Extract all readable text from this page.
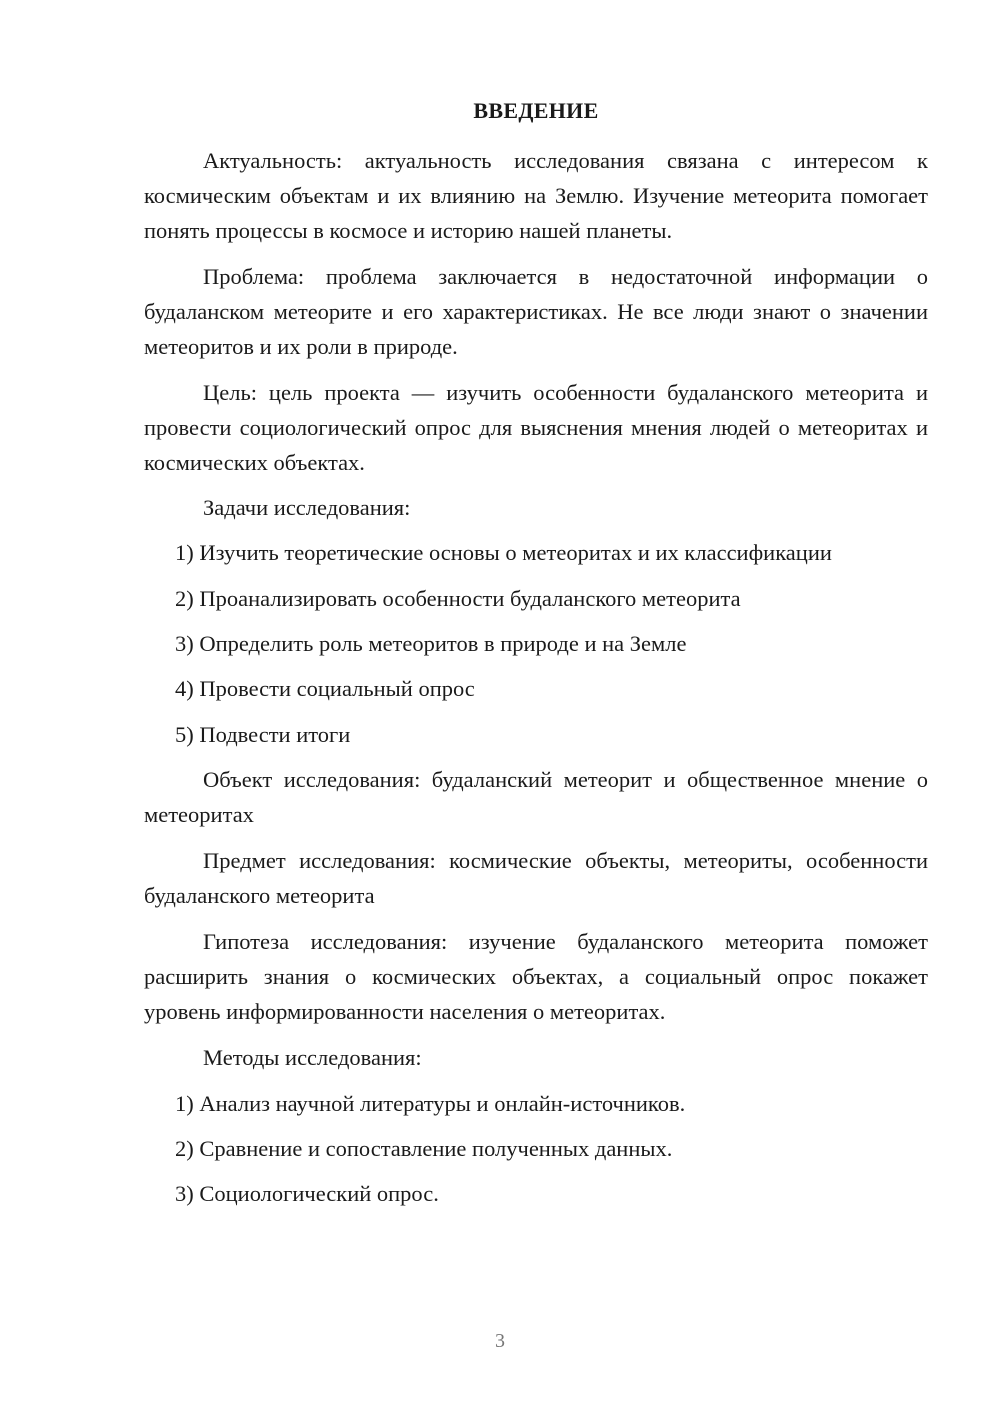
ВВЕДЕНИЕ

Актуальность: актуальность исследования связана с интересом к космическим объектам и их влиянию на Землю. Изучение метеорита помогает понять процессы в космосе и историю нашей планеты.

Проблема: проблема заключается в недостаточной информации о будаланском метеорите и его характеристиках. Не все люди знают о значении метеоритов и их роли в природе.

Цель: цель проекта — изучить особенности будаланского метеорита и провести социологический опрос для выяснения мнения людей о метеоритах и космических объектах.

Задачи исследования:

1) Изучить теоретические основы о метеоритах и их классификации

2) Проанализировать особенности будаланского метеорита

3) Определить роль метеоритов в природе и на Земле

4) Провести социальный опрос

5) Подвести итоги

Объект исследования: будаланский метеорит и общественное мнение о метеоритах

Предмет исследования: космические объекты, метеориты, особенности будаланского метеорита

Гипотеза исследования: изучение будаланского метеорита поможет расширить знания о космических объектах, а социальный опрос покажет уровень информированности населения о метеоритах.

Методы исследования:

1) Анализ научной литературы и онлайн-источников.

2) Сравнение и сопоставление полученных данных.

3) Социологический опрос.

3
